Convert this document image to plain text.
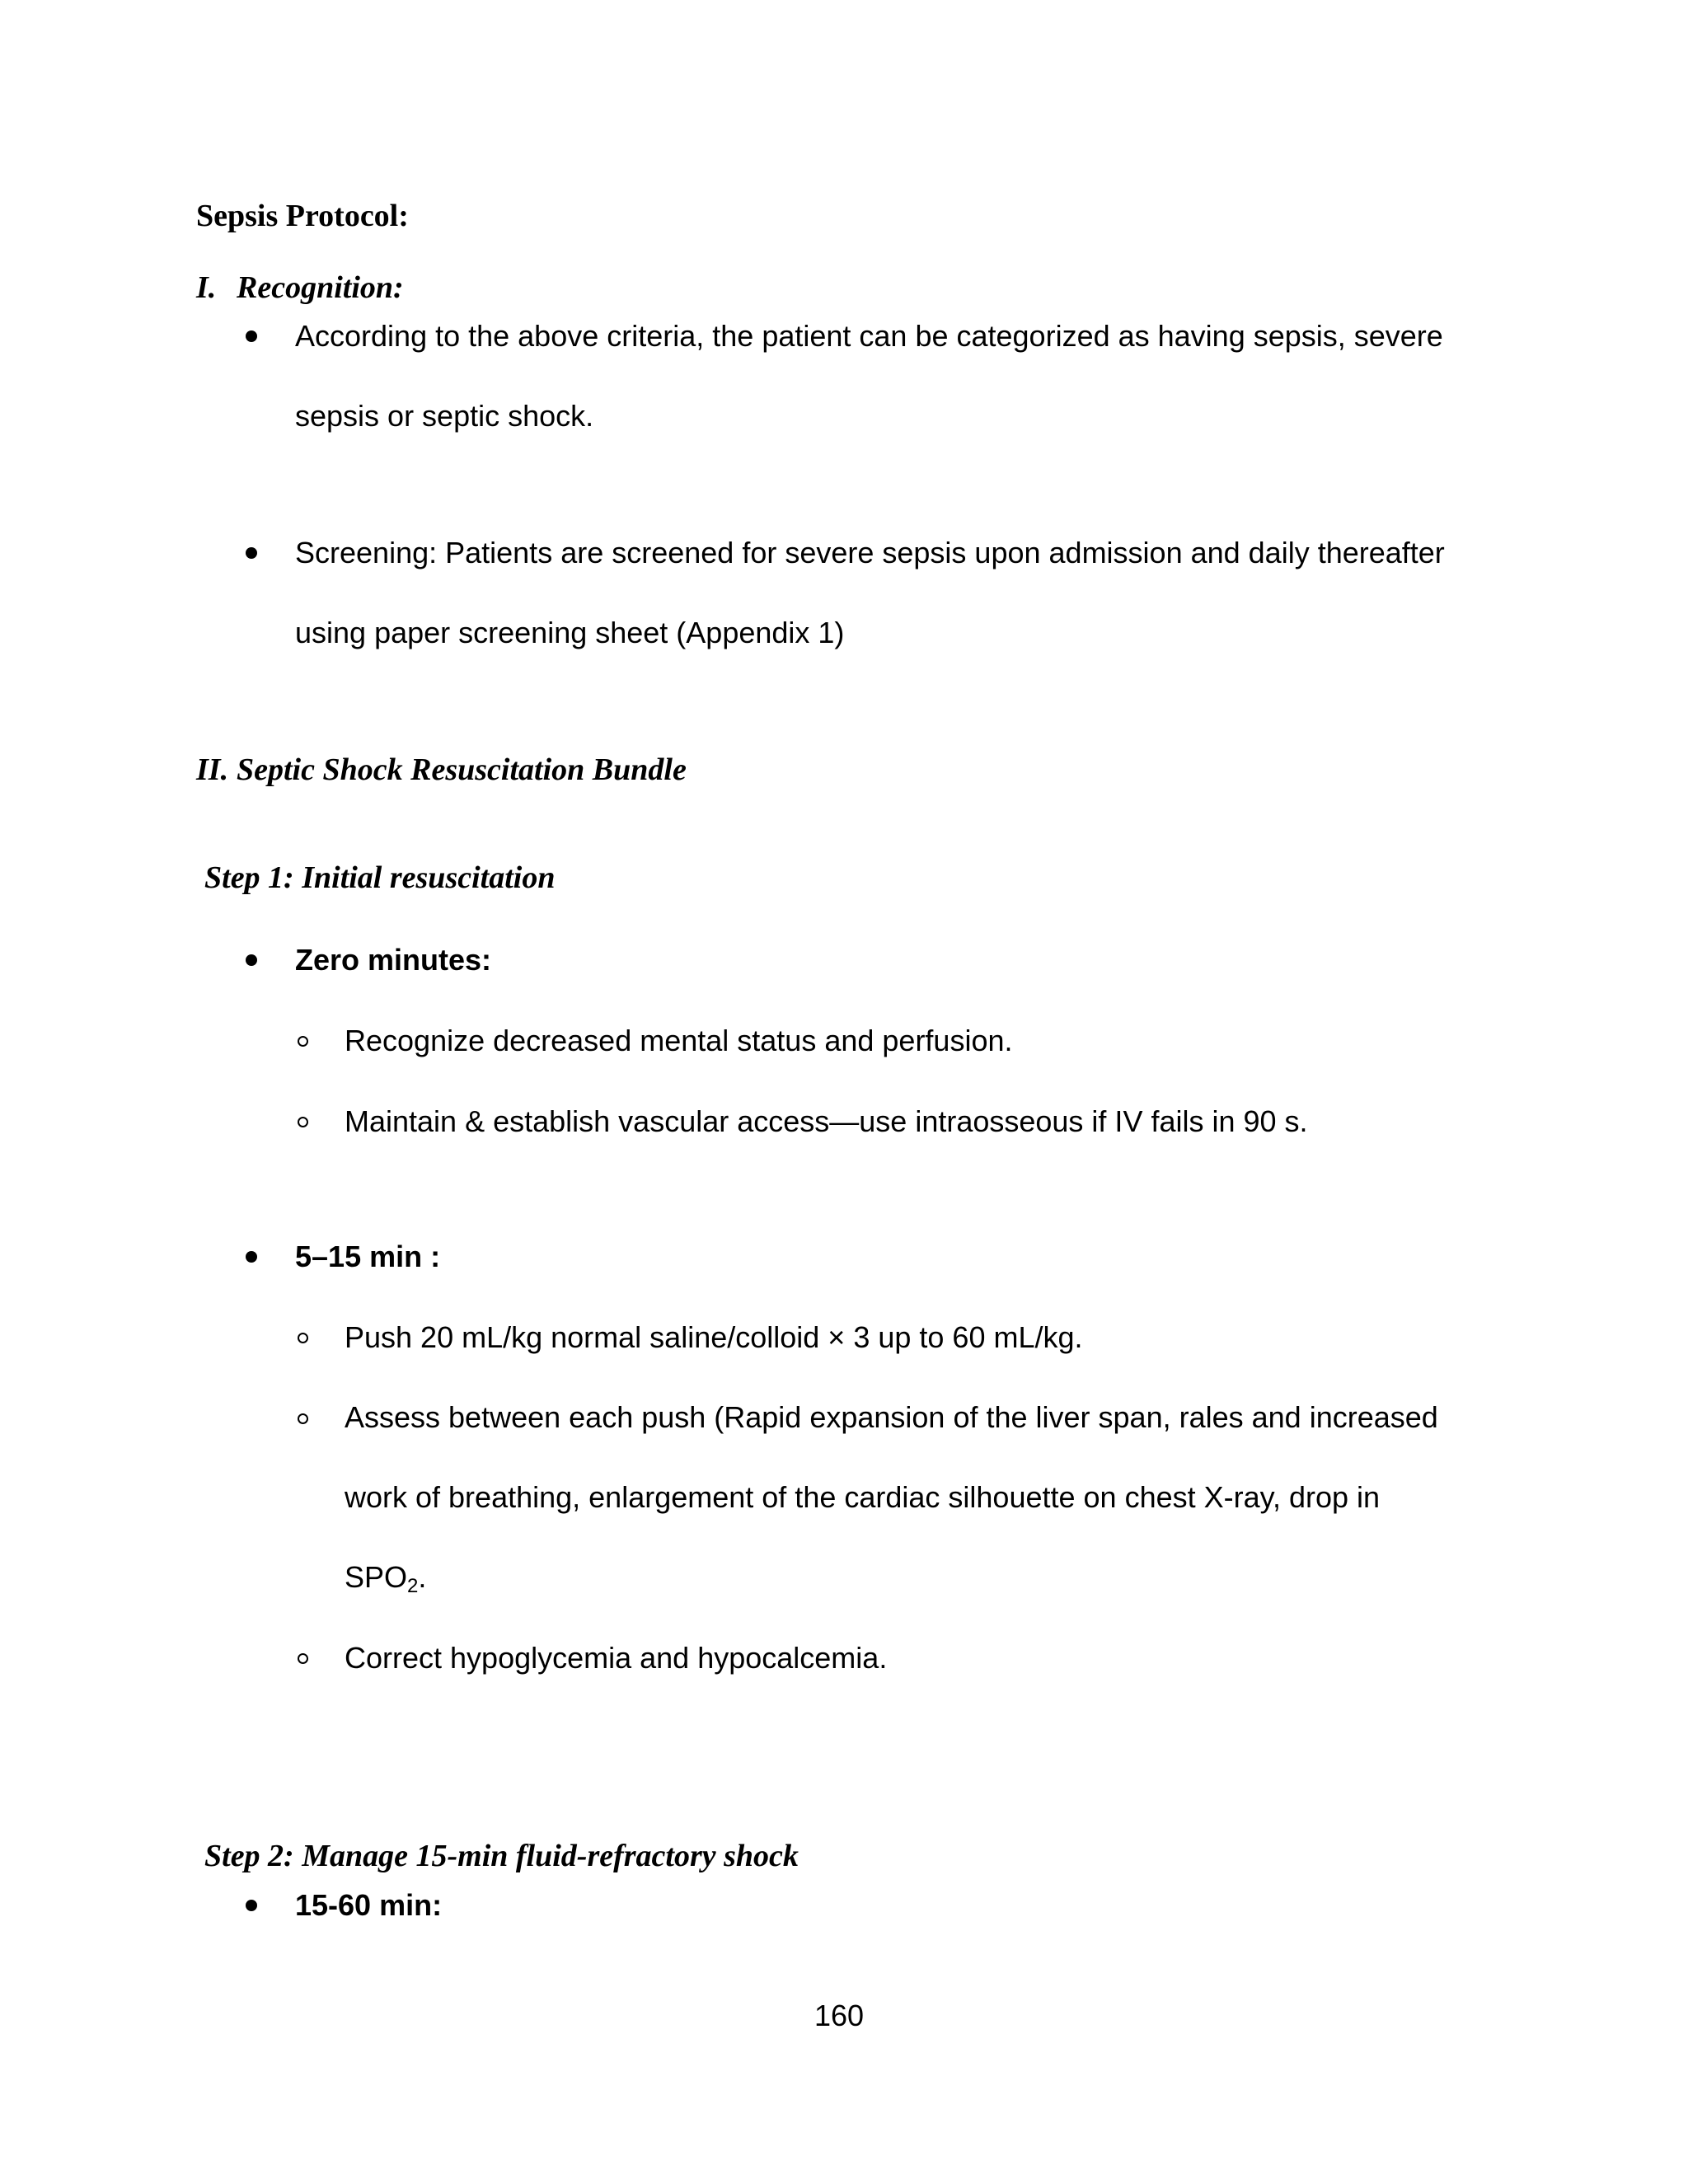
Sepsis Protocol:
I. Recognition:
According to the above criteria, the patient can be categorized as having sepsis, severe
sepsis or septic shock.
Screening: Patients are screened for severe sepsis upon admission and daily thereafter
using paper screening sheet (Appendix 1)
II. Septic Shock Resuscitation Bundle
Step 1: Initial resuscitation
Zero minutes:
Recognize decreased mental status and perfusion.
Maintain & establish vascular access—use intraosseous if IV fails in 90 s.
5–15 min :
Push 20 mL/kg normal saline/colloid × 3 up to 60 mL/kg.
Assess between each push (Rapid expansion of the liver span, rales and increased
work of breathing, enlargement of the cardiac silhouette on chest X-ray, drop in
$SPO_2$.
Correct hypoglycemia and hypocalcemia.
Step 2: Manage 15-min fluid-refractory shock
15-60 min:
160
